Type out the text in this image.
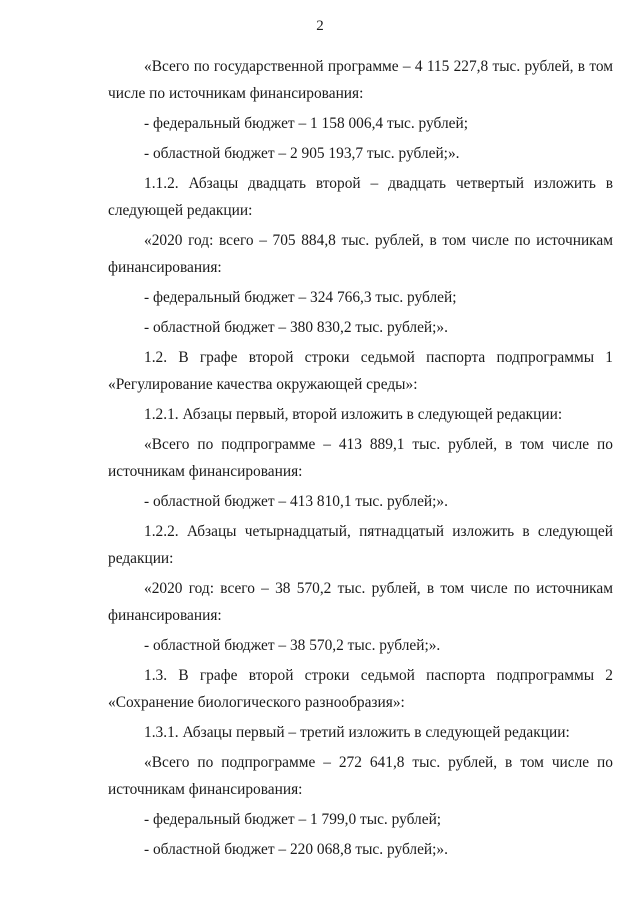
2

«Всего по государственной программе – 4 115 227,8 тыс. рублей, в том числе по источникам финансирования:

- федеральный бюджет – 1 158 006,4 тыс. рублей;

- областной бюджет – 2 905 193,7 тыс. рублей;».

1.1.2. Абзацы двадцать второй – двадцать четвертый изложить в следующей редакции:

«2020 год: всего – 705 884,8 тыс. рублей, в том числе по источникам финансирования:

- федеральный бюджет – 324 766,3 тыс. рублей;

- областной бюджет – 380 830,2 тыс. рублей;».

1.2. В графе второй строки седьмой паспорта подпрограммы 1 «Регулирование качества окружающей среды»:

1.2.1. Абзацы первый, второй изложить в следующей редакции:

«Всего по подпрограмме – 413 889,1 тыс. рублей, в том числе по источникам финансирования:

- областной бюджет – 413 810,1 тыс. рублей;».

1.2.2. Абзацы четырнадцатый, пятнадцатый изложить в следующей редакции:

«2020 год: всего – 38 570,2 тыс. рублей, в том числе по источникам финансирования:

- областной бюджет – 38 570,2 тыс. рублей;».

1.3. В графе второй строки седьмой паспорта подпрограммы 2 «Сохранение биологического разнообразия»:

1.3.1. Абзацы первый – третий изложить в следующей редакции:

«Всего по подпрограмме – 272 641,8 тыс. рублей, в том числе по источникам финансирования:

- федеральный бюджет – 1 799,0 тыс. рублей;

- областной бюджет – 220 068,8 тыс. рублей;».
